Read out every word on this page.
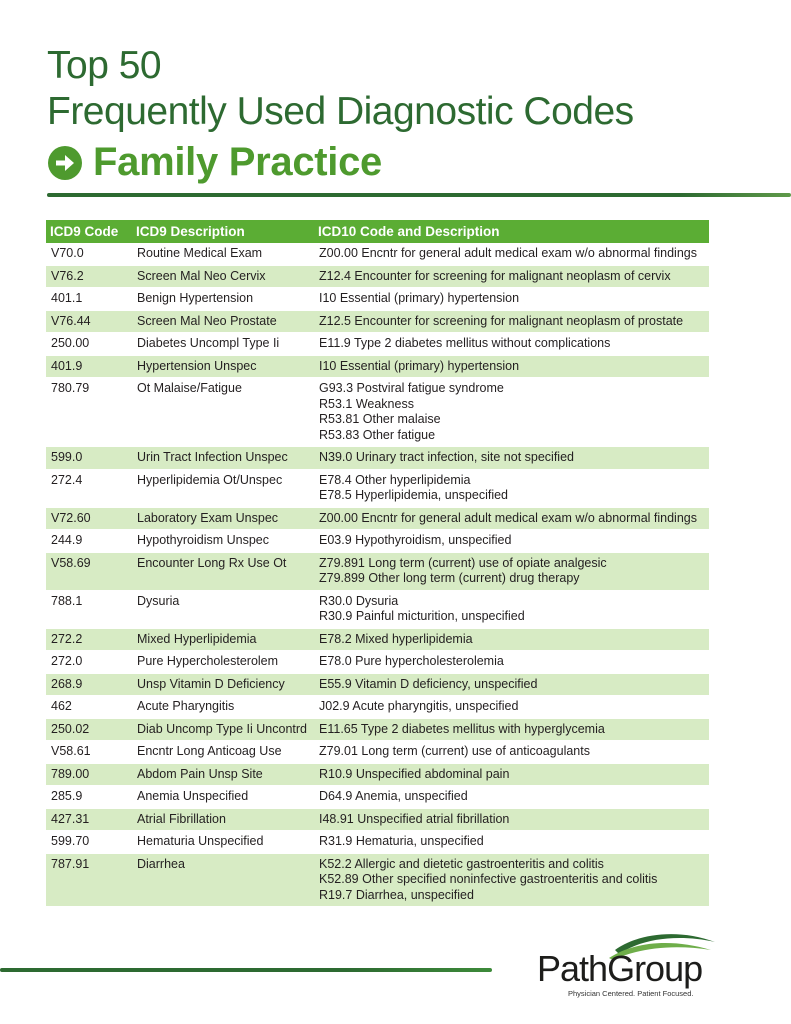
Top 50
Frequently Used Diagnostic Codes
Family Practice
ICD9 Code	ICD9 Description	ICD10 Code and Description
V70.0	Routine Medical Exam	Z00.00 Encntr for general adult medical exam w/o abnormal findings

V76.2	Screen Mal Neo Cervix	Z12.4 Encounter for screening for malignant neoplasm of cervix

401.1	Benign Hypertension	I10 Essential (primary) hypertension

V76.44	Screen Mal Neo Prostate	Z12.5 Encounter for screening for malignant neoplasm of prostate

250.00	Diabetes Uncompl Type Ii	E11.9 Type 2 diabetes mellitus without complications

401.9	Hypertension Unspec	I10 Essential (primary) hypertension

780.79	Ot Malaise/Fatigue	G93.3 Postviral fatigue syndrome
R53.1 Weakness
R53.81 Other malaise
R53.83 Other fatigue

599.0	Urin Tract Infection Unspec	N39.0 Urinary tract infection, site not specified

272.4	Hyperlipidemia Ot/Unspec	E78.4 Other hyperlipidemia
E78.5 Hyperlipidemia, unspecified

V72.60	Laboratory Exam Unspec	Z00.00 Encntr for general adult medical exam w/o abnormal findings

244.9	Hypothyroidism Unspec	E03.9 Hypothyroidism, unspecified

V58.69	Encounter Long Rx Use Ot	Z79.891 Long term (current) use of opiate analgesic
Z79.899 Other long term (current) drug therapy

788.1	Dysuria	R30.0 Dysuria
R30.9 Painful micturition, unspecified

272.2	Mixed Hyperlipidemia	E78.2 Mixed hyperlipidemia

272.0	Pure Hypercholesterolem	E78.0 Pure hypercholesterolemia

268.9	Unsp Vitamin D Deficiency	E55.9 Vitamin D deficiency, unspecified

462	Acute Pharyngitis	J02.9 Acute pharyngitis, unspecified

250.02	Diab Uncomp Type Ii Uncontrd	E11.65 Type 2 diabetes mellitus with hyperglycemia

V58.61	Encntr Long Anticoag Use	Z79.01 Long term (current) use of anticoagulants

789.00	Abdom Pain Unsp Site	R10.9 Unspecified abdominal pain

285.9	Anemia Unspecified	D64.9 Anemia, unspecified

427.31	Atrial Fibrillation	I48.91 Unspecified atrial fibrillation

599.70	Hematuria Unspecified	R31.9 Hematuria, unspecified

787.91	Diarrhea	K52.2 Allergic and dietetic gastroenteritis and colitis
K52.89 Other specified noninfective gastroenteritis and colitis
R19.7 Diarrhea, unspecified
PathGroup
Physician Centered. Patient Focused.
